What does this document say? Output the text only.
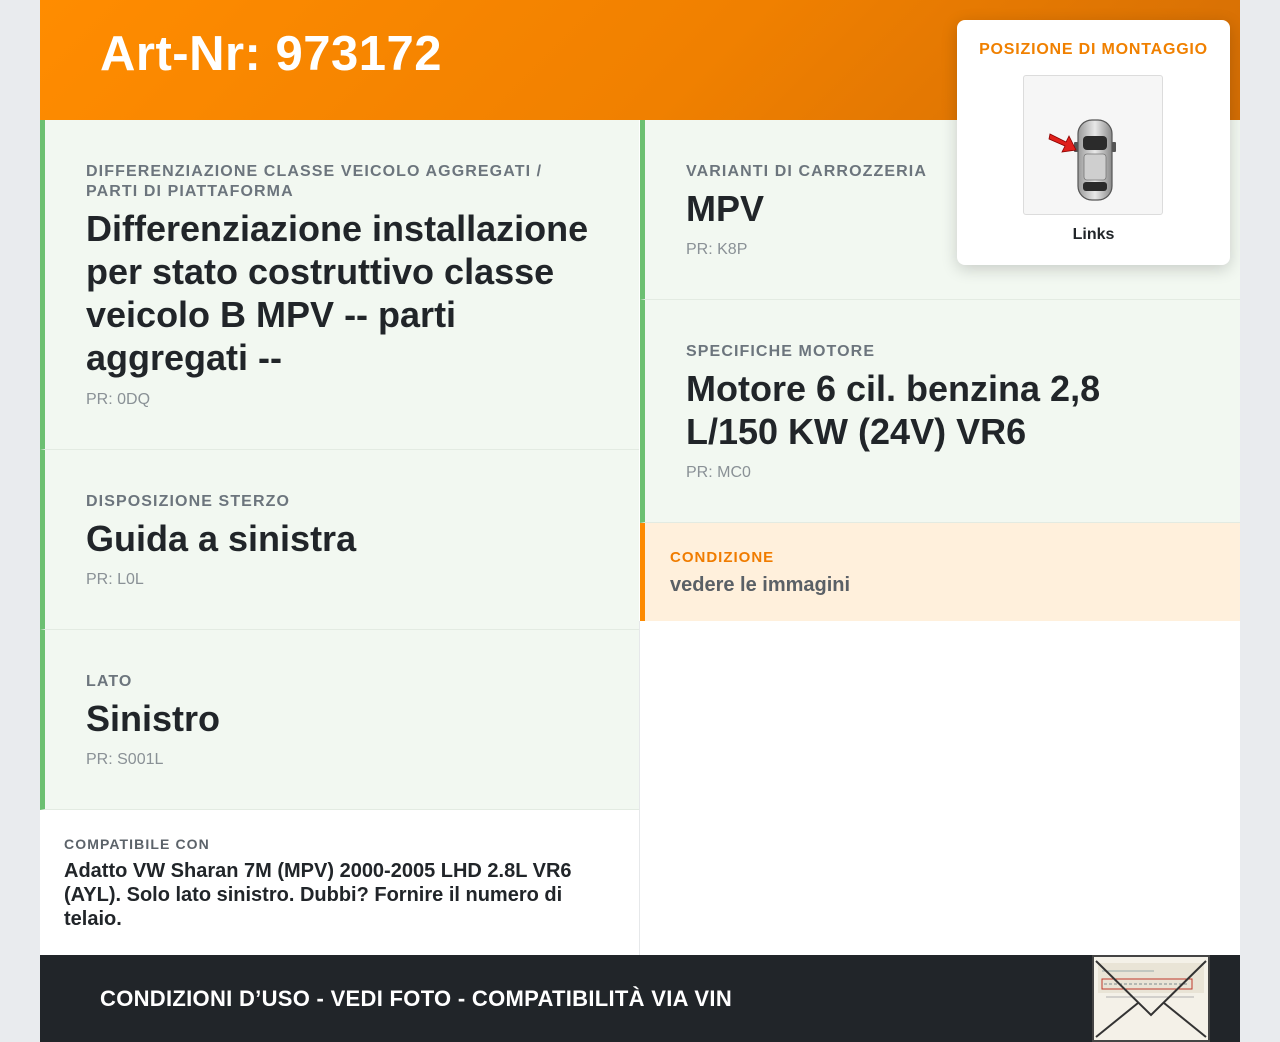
Art-Nr: 973172
DIFFERENZIAZIONE CLASSE VEICOLO AGGREGATI / PARTI DI PIATTAFORMA
Differenziazione installazione per stato costruttivo classe veicolo B MPV -- parti aggregati --
PR: 0DQ
DISPOSIZIONE STERZO
Guida a sinistra
PR: L0L
LATO
Sinistro
PR: S001L
VARIANTI DI CARROZZERIA
MPV
PR: K8P
SPECIFICHE MOTORE
Motore 6 cil. benzina 2,8 L/150 KW (24V) VR6
PR: MC0
CONDIZIONE
vedere le immagini
COMPATIBILE CON
Adatto VW Sharan 7M (MPV) 2000-2005 LHD 2.8L VR6 (AYL). Solo lato sinistro. Dubbi? Fornire il numero di telaio.
CONDIZIONI D’USO - VEDI FOTO - COMPATIBILITÀ VIA VIN
POSIZIONE DI MONTAGGIO
Links
